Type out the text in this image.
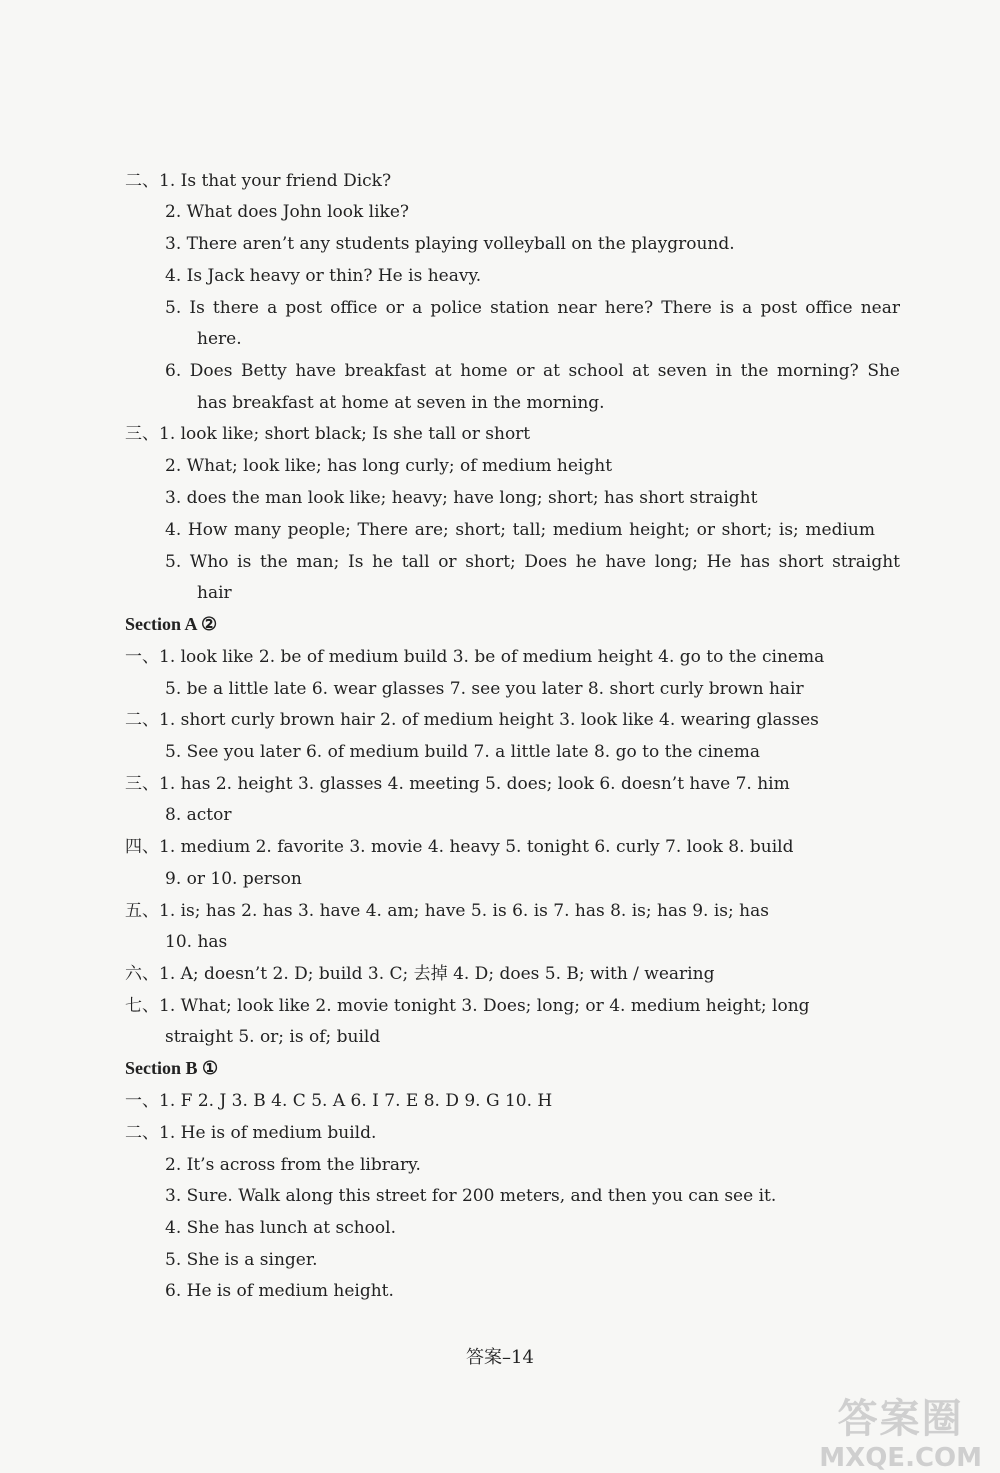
二、1. Is that your friend Dick?
2. What does John look like?
3. There aren’t any students playing volleyball on the playground.
4. Is Jack heavy or thin? He is heavy.
5. Is there a post office or a police station near here? There is a post office near
here.
6. Does Betty have breakfast at home or at school at seven in the morning? She
has breakfast at home at seven in the morning.
三、1. look like; short black; Is she tall or short
2. What; look like; has long curly; of medium height
3. does the man look like; heavy; have long; short; has short straight
4. How many people; There are; short; tall; medium height; or short; is; medium
5. Who is the man; Is he tall or short; Does he have long; He has short straight
hair
Section A ②
一、1. look like 2. be of medium build 3. be of medium height 4. go to the cinema
5. be a little late 6. wear glasses 7. see you later 8. short curly brown hair
二、1. short curly brown hair 2. of medium height 3. look like 4. wearing glasses
5. See you later 6. of medium build 7. a little late 8. go to the cinema
三、1. has 2. height 3. glasses 4. meeting 5. does; look 6. doesn’t have 7. him
8. actor
四、1. medium 2. favorite 3. movie 4. heavy 5. tonight 6. curly 7. look 8. build
9. or 10. person
五、1. is; has 2. has 3. have 4. am; have 5. is 6. is 7. has 8. is; has 9. is; has
10. has
六、1. A; doesn’t 2. D; build 3. C; 去掉 4. D; does 5. B; with / wearing
七、1. What; look like 2. movie tonight 3. Does; long; or 4. medium height; long
straight 5. or; is of; build
Section B ①
一、1. F 2. J 3. B 4. C 5. A 6. I 7. E 8. D 9. G 10. H
二、1. He is of medium build.
2. It’s across from the library.
3. Sure. Walk along this street for 200 meters, and then you can see it.
4. She has lunch at school.
5. She is a singer.
6. He is of medium height.
答案–14
答案圈
MXQE.COM
